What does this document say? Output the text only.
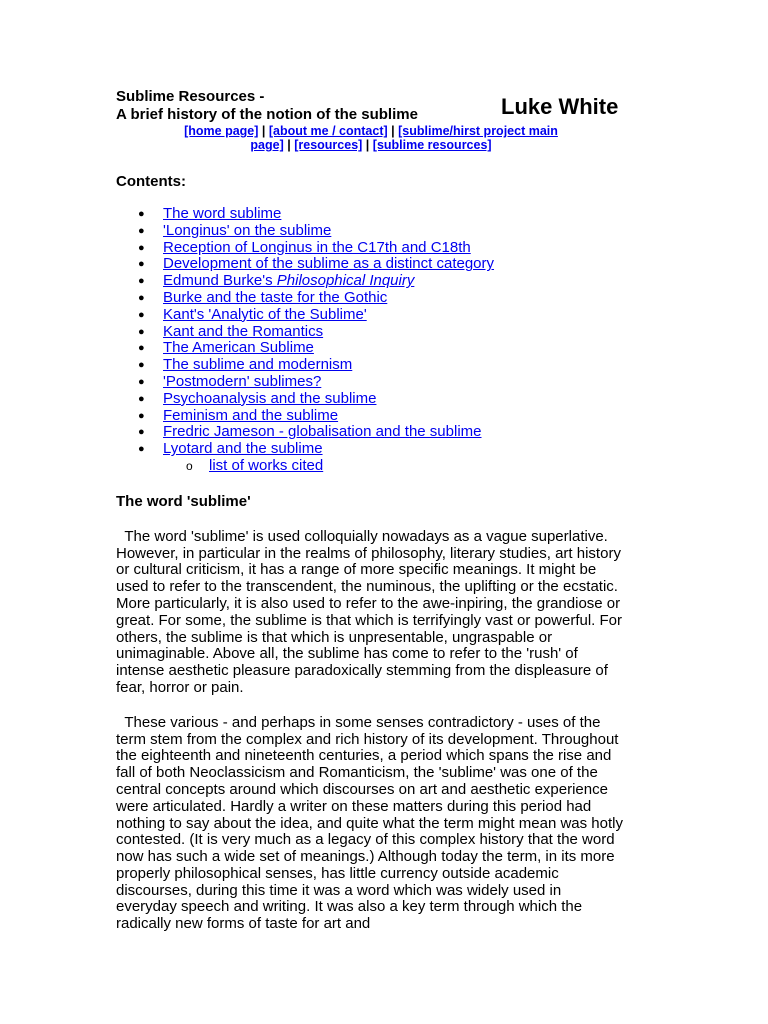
Sublime Resources -
A brief history of the notion of the sublime	Luke White
[home page] | [about me / contact] | [sublime/hirst project main
page] | [resources] | [sublime resources]
Contents:
● The word sublime
● 'Longinus' on the sublime
● Reception of Longinus in the C17th and C18th
● Development of the sublime as a distinct category
● Edmund Burke's Philosophical Inquiry
● Burke and the taste for the Gothic
● Kant's 'Analytic of the Sublime'
● Kant and the Romantics
● The American Sublime
● The sublime and modernism
● 'Postmodern' sublimes?
● Psychoanalysis and the sublime
● Feminism and the sublime
● Fredric Jameson - globalisation and the sublime
● Lyotard and the sublime
o list of works cited
The word 'sublime'

The word 'sublime' is used colloquially nowadays as a vague superlative. However, in particular in the realms of philosophy, literary studies, art history or cultural criticism, it has a range of more specific meanings. It might be used to refer to the transcendent, the numinous, the uplifting or the ecstatic. More particularly, it is also used to refer to the awe-inpiring, the grandiose or great. For some, the sublime is that which is terrifyingly vast or powerful. For others, the sublime is that which is unpresentable, ungraspable or unimaginable. Above all, the sublime has come to refer to the 'rush' of intense aesthetic pleasure paradoxically stemming from the displeasure of fear, horror or pain.

These various - and perhaps in some senses contradictory - uses of the term stem from the complex and rich history of its development. Throughout the eighteenth and nineteenth centuries, a period which spans the rise and fall of both Neoclassicism and Romanticism, the 'sublime' was one of the central concepts around which discourses on art and aesthetic experience were articulated. Hardly a writer on these matters during this period had nothing to say about the idea, and quite what the term might mean was hotly contested. (It is very much as a legacy of this complex history that the word now has such a wide set of meanings.) Although today the term, in its more properly philosophical senses, has little currency outside academic discourses, during this time it was a word which was widely used in everyday speech and writing. It was also a key term through which the radically new forms of taste for art and
